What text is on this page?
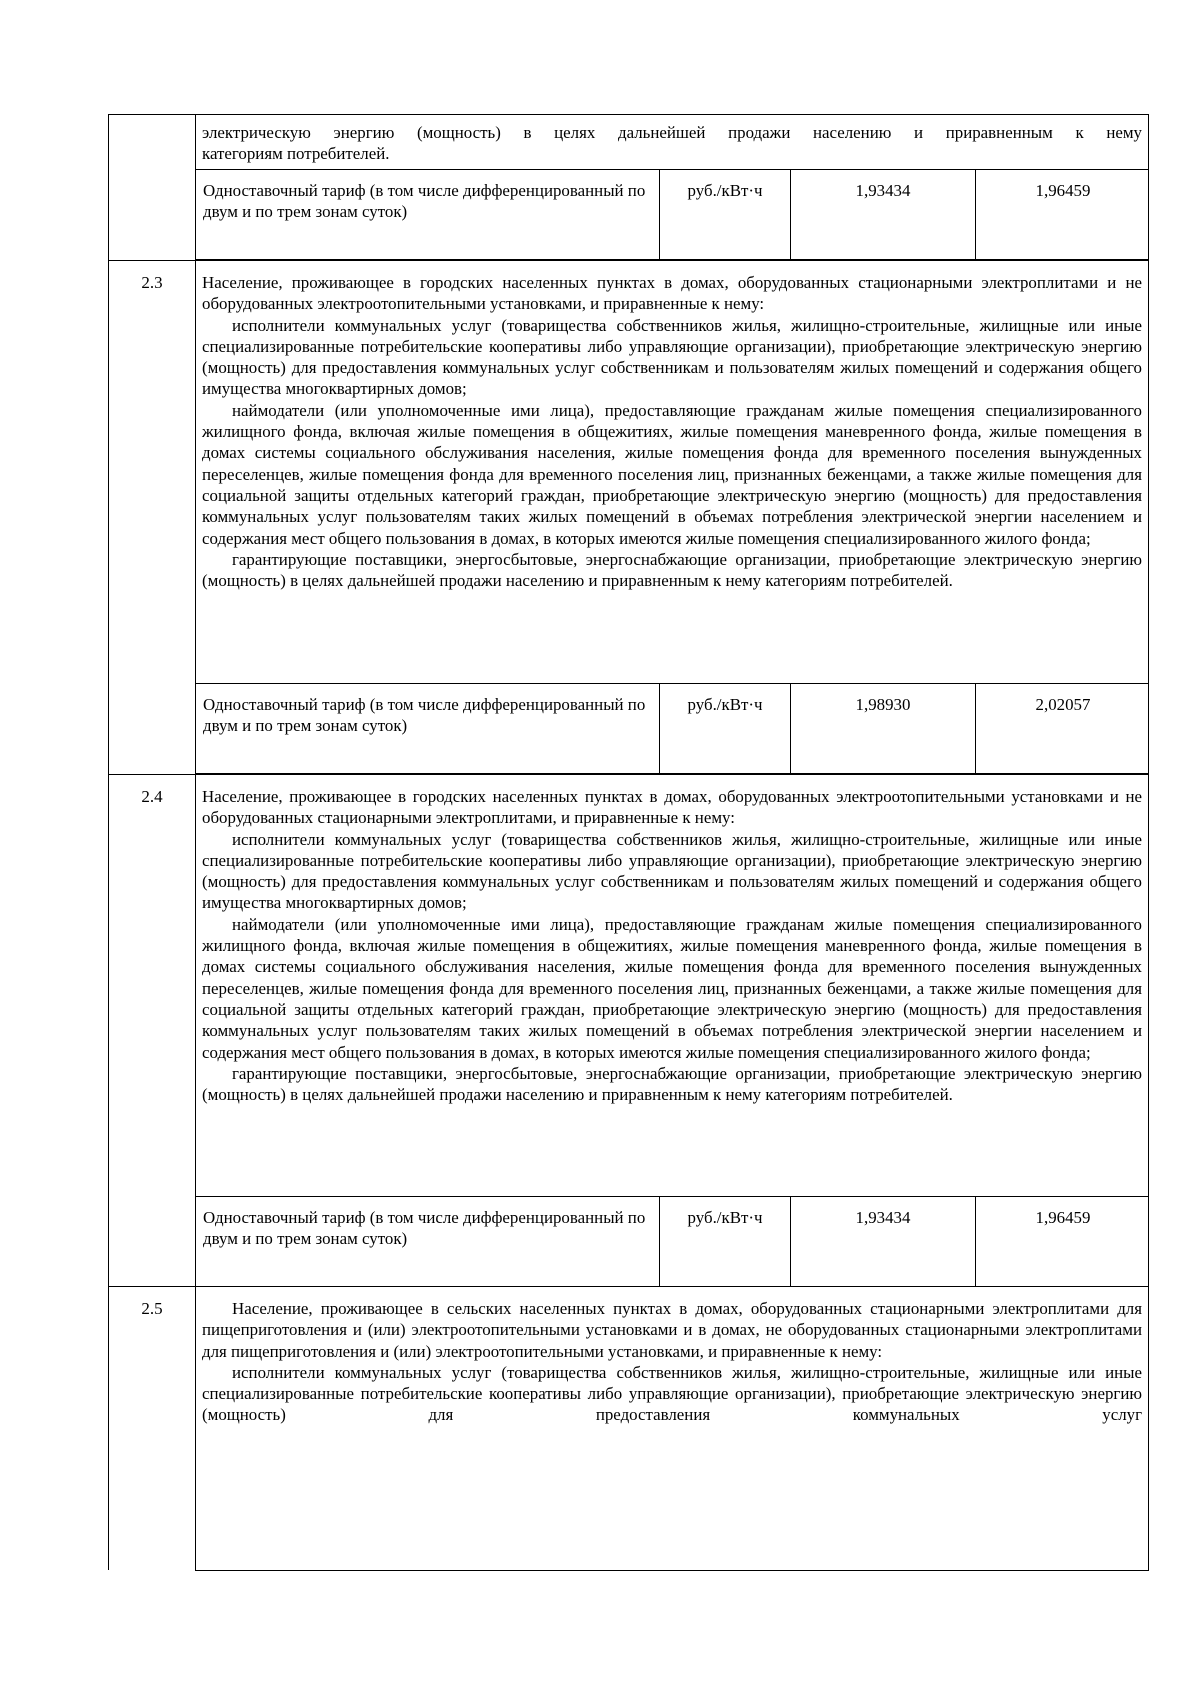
электрическую энергию (мощность) в целях дальнейшей продажи населению и приравненным к нему

категориям потребителей.

Одноставочный тариф (в том числе дифференцированный по двум и по трем зонам суток)
руб./кВт·ч	1,93434	1,96459
2.3	Население, проживающее в городских населенных пунктах в домах, оборудованных стационарными электроплитами и не оборудованных электроотопительными установками, и приравненные к нему:

исполнители коммунальных услуг (товарищества собственников жилья, жилищно-строительные, жилищные или иные специализированные потребительские кооперативы либо управляющие организации), приобретающие электрическую энергию (мощность) для предоставления коммунальных услуг собственникам и пользователям жилых помещений и содержания общего имущества многоквартирных домов;

наймодатели (или уполномоченные ими лица), предоставляющие гражданам жилые помещения специализированного жилищного фонда, включая жилые помещения в общежитиях, жилые помещения маневренного фонда, жилые помещения в домах системы социального обслуживания населения, жилые помещения фонда для временного поселения вынужденных переселенцев, жилые помещения фонда для временного поселения лиц, признанных беженцами, а также жилые помещения для социальной защиты отдельных категорий граждан, приобретающие электрическую энергию (мощность) для предоставления коммунальных услуг пользователям таких жилых помещений в объемах потребления электрической энергии населением и содержания мест общего пользования в домах, в которых имеются жилые помещения специализированного жилого фонда;

гарантирующие поставщики, энергосбытовые, энергоснабжающие организации, приобретающие электрическую энергию (мощность) в целях дальнейшей продажи населению и приравненным к нему категориям потребителей.

Одноставочный тариф (в том числе дифференцированный по двум и по трем зонам суток)
руб./кВт·ч	1,98930	2,02057
2.4	Население, проживающее в городских населенных пунктах в домах, оборудованных электроотопительными установками и не оборудованных стационарными электроплитами, и приравненные к нему:

исполнители коммунальных услуг (товарищества собственников жилья, жилищно-строительные, жилищные или иные специализированные потребительские кооперативы либо управляющие организации), приобретающие электрическую энергию (мощность) для предоставления коммунальных услуг собственникам и пользователям жилых помещений и содержания общего имущества многоквартирных домов;

наймодатели (или уполномоченные ими лица), предоставляющие гражданам жилые помещения специализированного жилищного фонда, включая жилые помещения в общежитиях, жилые помещения маневренного фонда, жилые помещения в домах системы социального обслуживания населения, жилые помещения фонда для временного поселения вынужденных переселенцев, жилые помещения фонда для временного поселения лиц, признанных беженцами, а также жилые помещения для социальной защиты отдельных категорий граждан, приобретающие электрическую энергию (мощность) для предоставления коммунальных услуг пользователям таких жилых помещений в объемах потребления электрической энергии населением и содержания мест общего пользования в домах, в которых имеются жилые помещения специализированного жилого фонда;

гарантирующие поставщики, энергосбытовые, энергоснабжающие организации, приобретающие электрическую энергию (мощность) в целях дальнейшей продажи населению и приравненным к нему категориям потребителей.

Одноставочный тариф (в том числе дифференцированный по двум и по трем зонам суток)
руб./кВт·ч	1,93434	1,96459
2.5	Население, проживающее в сельских населенных пунктах в домах, оборудованных стационарными электроплитами для пищеприготовления и (или) электроотопительными установками и в домах, не оборудованных стационарными электроплитами для пищеприготовления и (или) электроотопительными установками, и приравненные к нему:

исполнители коммунальных услуг (товарищества собственников жилья, жилищно-строительные, жилищные или иные специализированные потребительские кооперативы либо управляющие организации), приобретающие электрическую энергию (мощность) для предоставления коммунальных услуг
